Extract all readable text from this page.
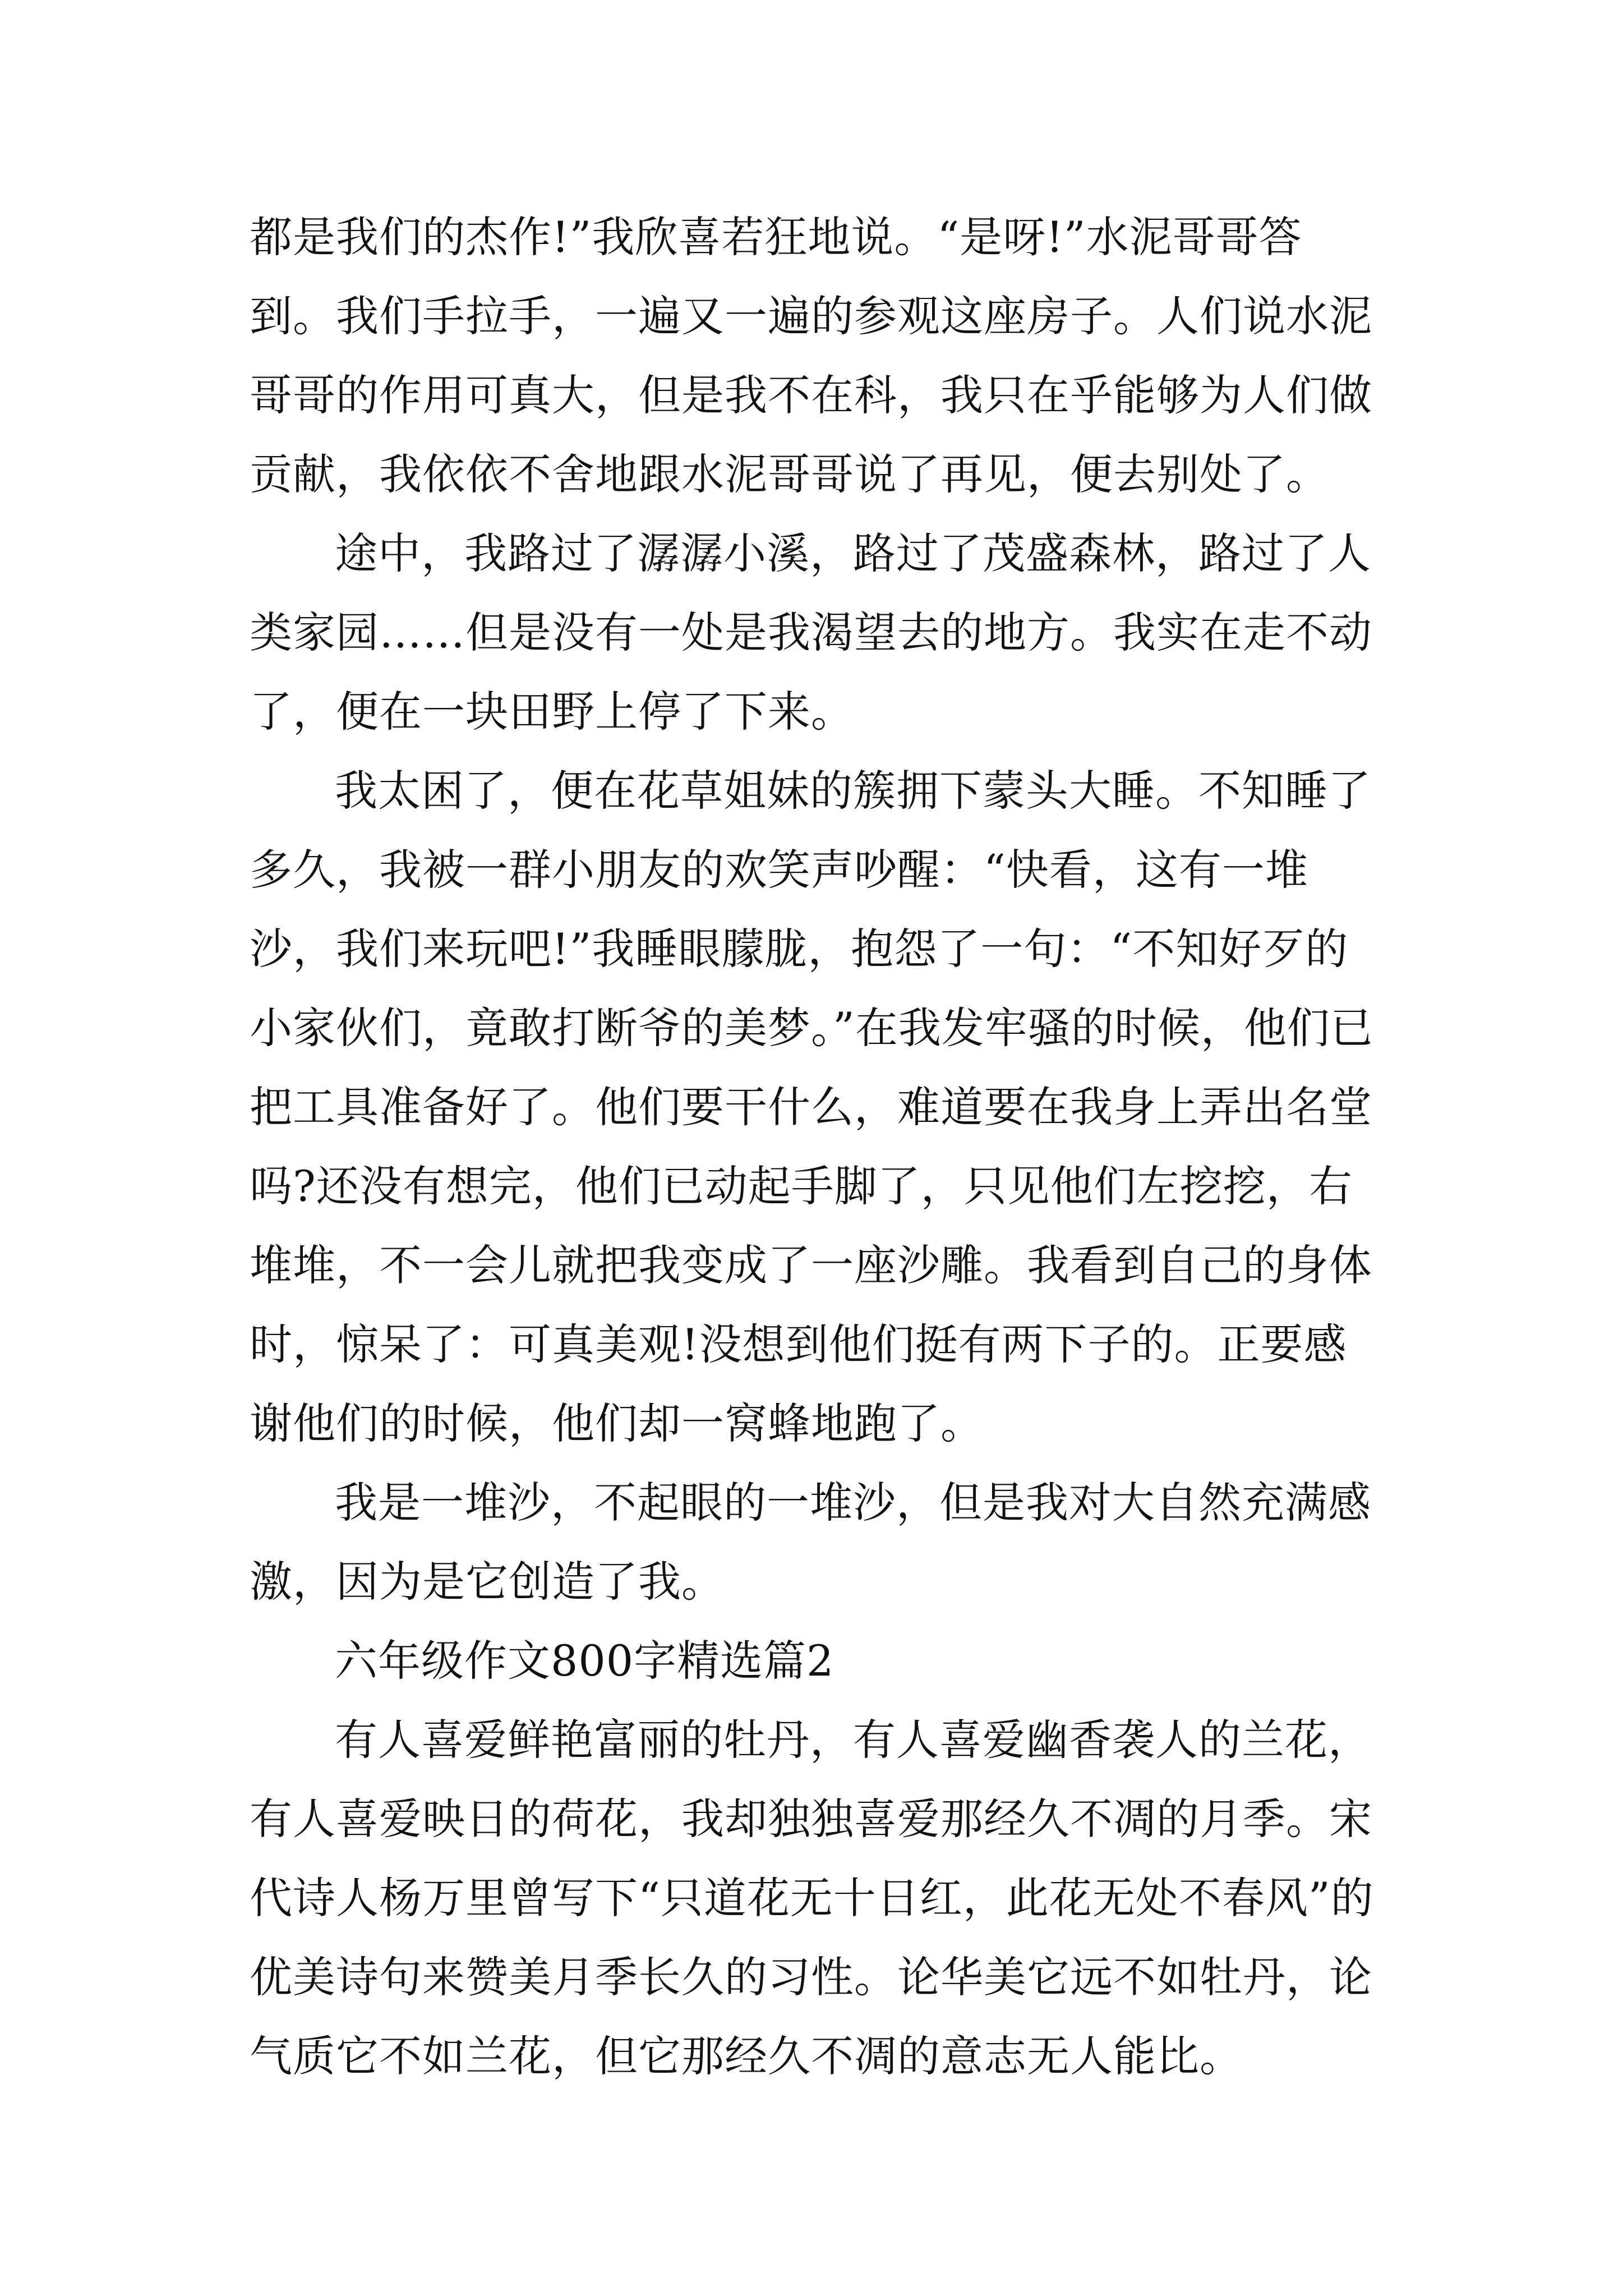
都是我们的杰作!”我欣喜若狂地说。“是呀!”水泥哥哥答到。我们手拉手，一遍又一遍的参观这座房子。人们说水泥哥哥的作用可真大，但是我不在科，我只在乎能够为人们做贡献，我依依不舍地跟水泥哥哥说了再见，便去别处了。

途中，我路过了潺潺小溪，路过了茂盛森林，路过了人类家园……但是没有一处是我渴望去的地方。我实在走不动了，便在一块田野上停了下来。

我太困了，便在花草姐妹的簇拥下蒙头大睡。不知睡了多久，我被一群小朋友的欢笑声吵醒：“快看，这有一堆沙，我们来玩吧!”我睡眼朦胧，抱怨了一句：“不知好歹的小家伙们，竟敢打断爷的美梦。”在我发牢骚的时候，他们已把工具准备好了。他们要干什么，难道要在我身上弄出名堂吗?还没有想完，他们已动起手脚了，只见他们左挖挖，右堆堆，不一会儿就把我变成了一座沙雕。我看到自己的身体时，惊呆了：可真美观!没想到他们挺有两下子的。正要感谢他们的时候，他们却一窝蜂地跑了。

我是一堆沙，不起眼的一堆沙，但是我对大自然充满感激，因为是它创造了我。

六年级作文800字精选篇2

有人喜爱鲜艳富丽的牡丹，有人喜爱幽香袭人的兰花，有人喜爱映日的荷花，我却独独喜爱那经久不凋的月季。宋代诗人杨万里曾写下“只道花无十日红，此花无处不春风”的优美诗句来赞美月季长久的习性。论华美它远不如牡丹，论气质它不如兰花，但它那经久不凋的意志无人能比。
